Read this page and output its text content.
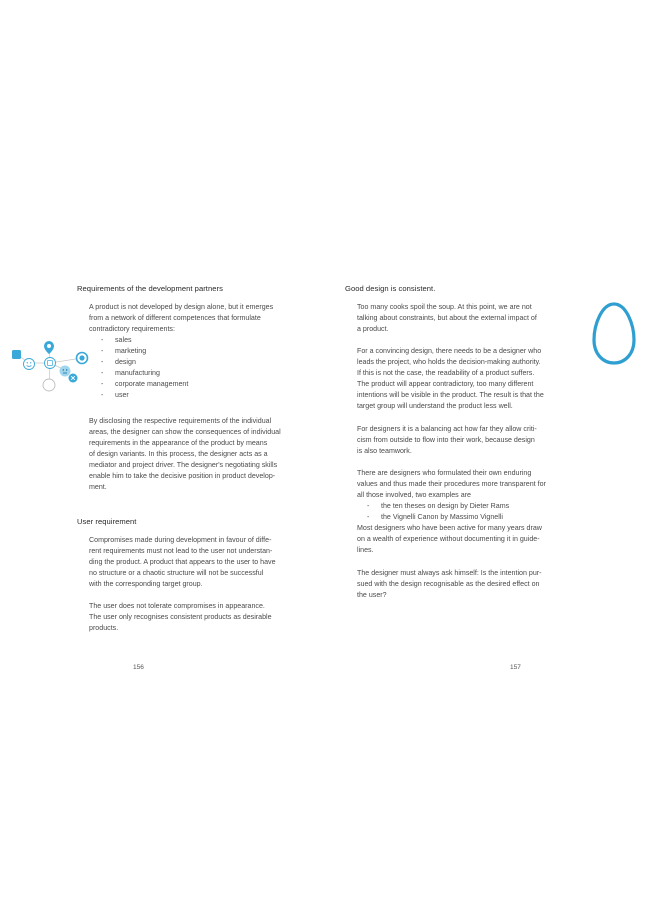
Requirements of the development partners
A product is not developed by design alone, but it emerges
from a network of different competences that formulate
contradictory requirements:
- sales
- marketing
- design
- manufacturing
- corporate management
- user
By disclosing the respective requirements of the individual
areas, the designer can show the consequences of individual
requirements in the appearance of the product by means
of design variants. In this process, the designer acts as a
mediator and project driver. The designer's negotiating skills
enable him to take the decisive position in product develop-
ment.
User requirement
Compromises made during development in favour of diffe-
rent requirements must not lead to the user not understan-
ding the product. A product that appears to the user to have
no structure or a chaotic structure will not be successful
with the corresponding target group.
The user does not tolerate compromises in appearance.
The user only recognises consistent products as desirable
products.
156
Good design is consistent.
Too many cooks spoil the soup. At this point, we are not
talking about constraints, but about the external impact of
a product.
For a convincing design, there needs to be a designer who
leads the project, who holds the decision-making authority.
If this is not the case, the readability of a product suffers.
The product will appear contradictory, too many different
intentions will be visible in the product. The result is that the
target group will understand the product less well.
For designers it is a balancing act how far they allow criti-
cism from outside to flow into their work, because design
is also teamwork.
There are designers who formulated their own enduring
values and thus made their procedures more transparent for
all those involved, two examples are
- the ten theses on design by Dieter Rams
- the Vignelli Canon by Massimo Vignelli
Most designers who have been active for many years draw
on a wealth of experience without documenting it in guide-
lines.
The designer must always ask himself: Is the intention pur-
sued with the design recognisable as the desired effect on
the user?
157
